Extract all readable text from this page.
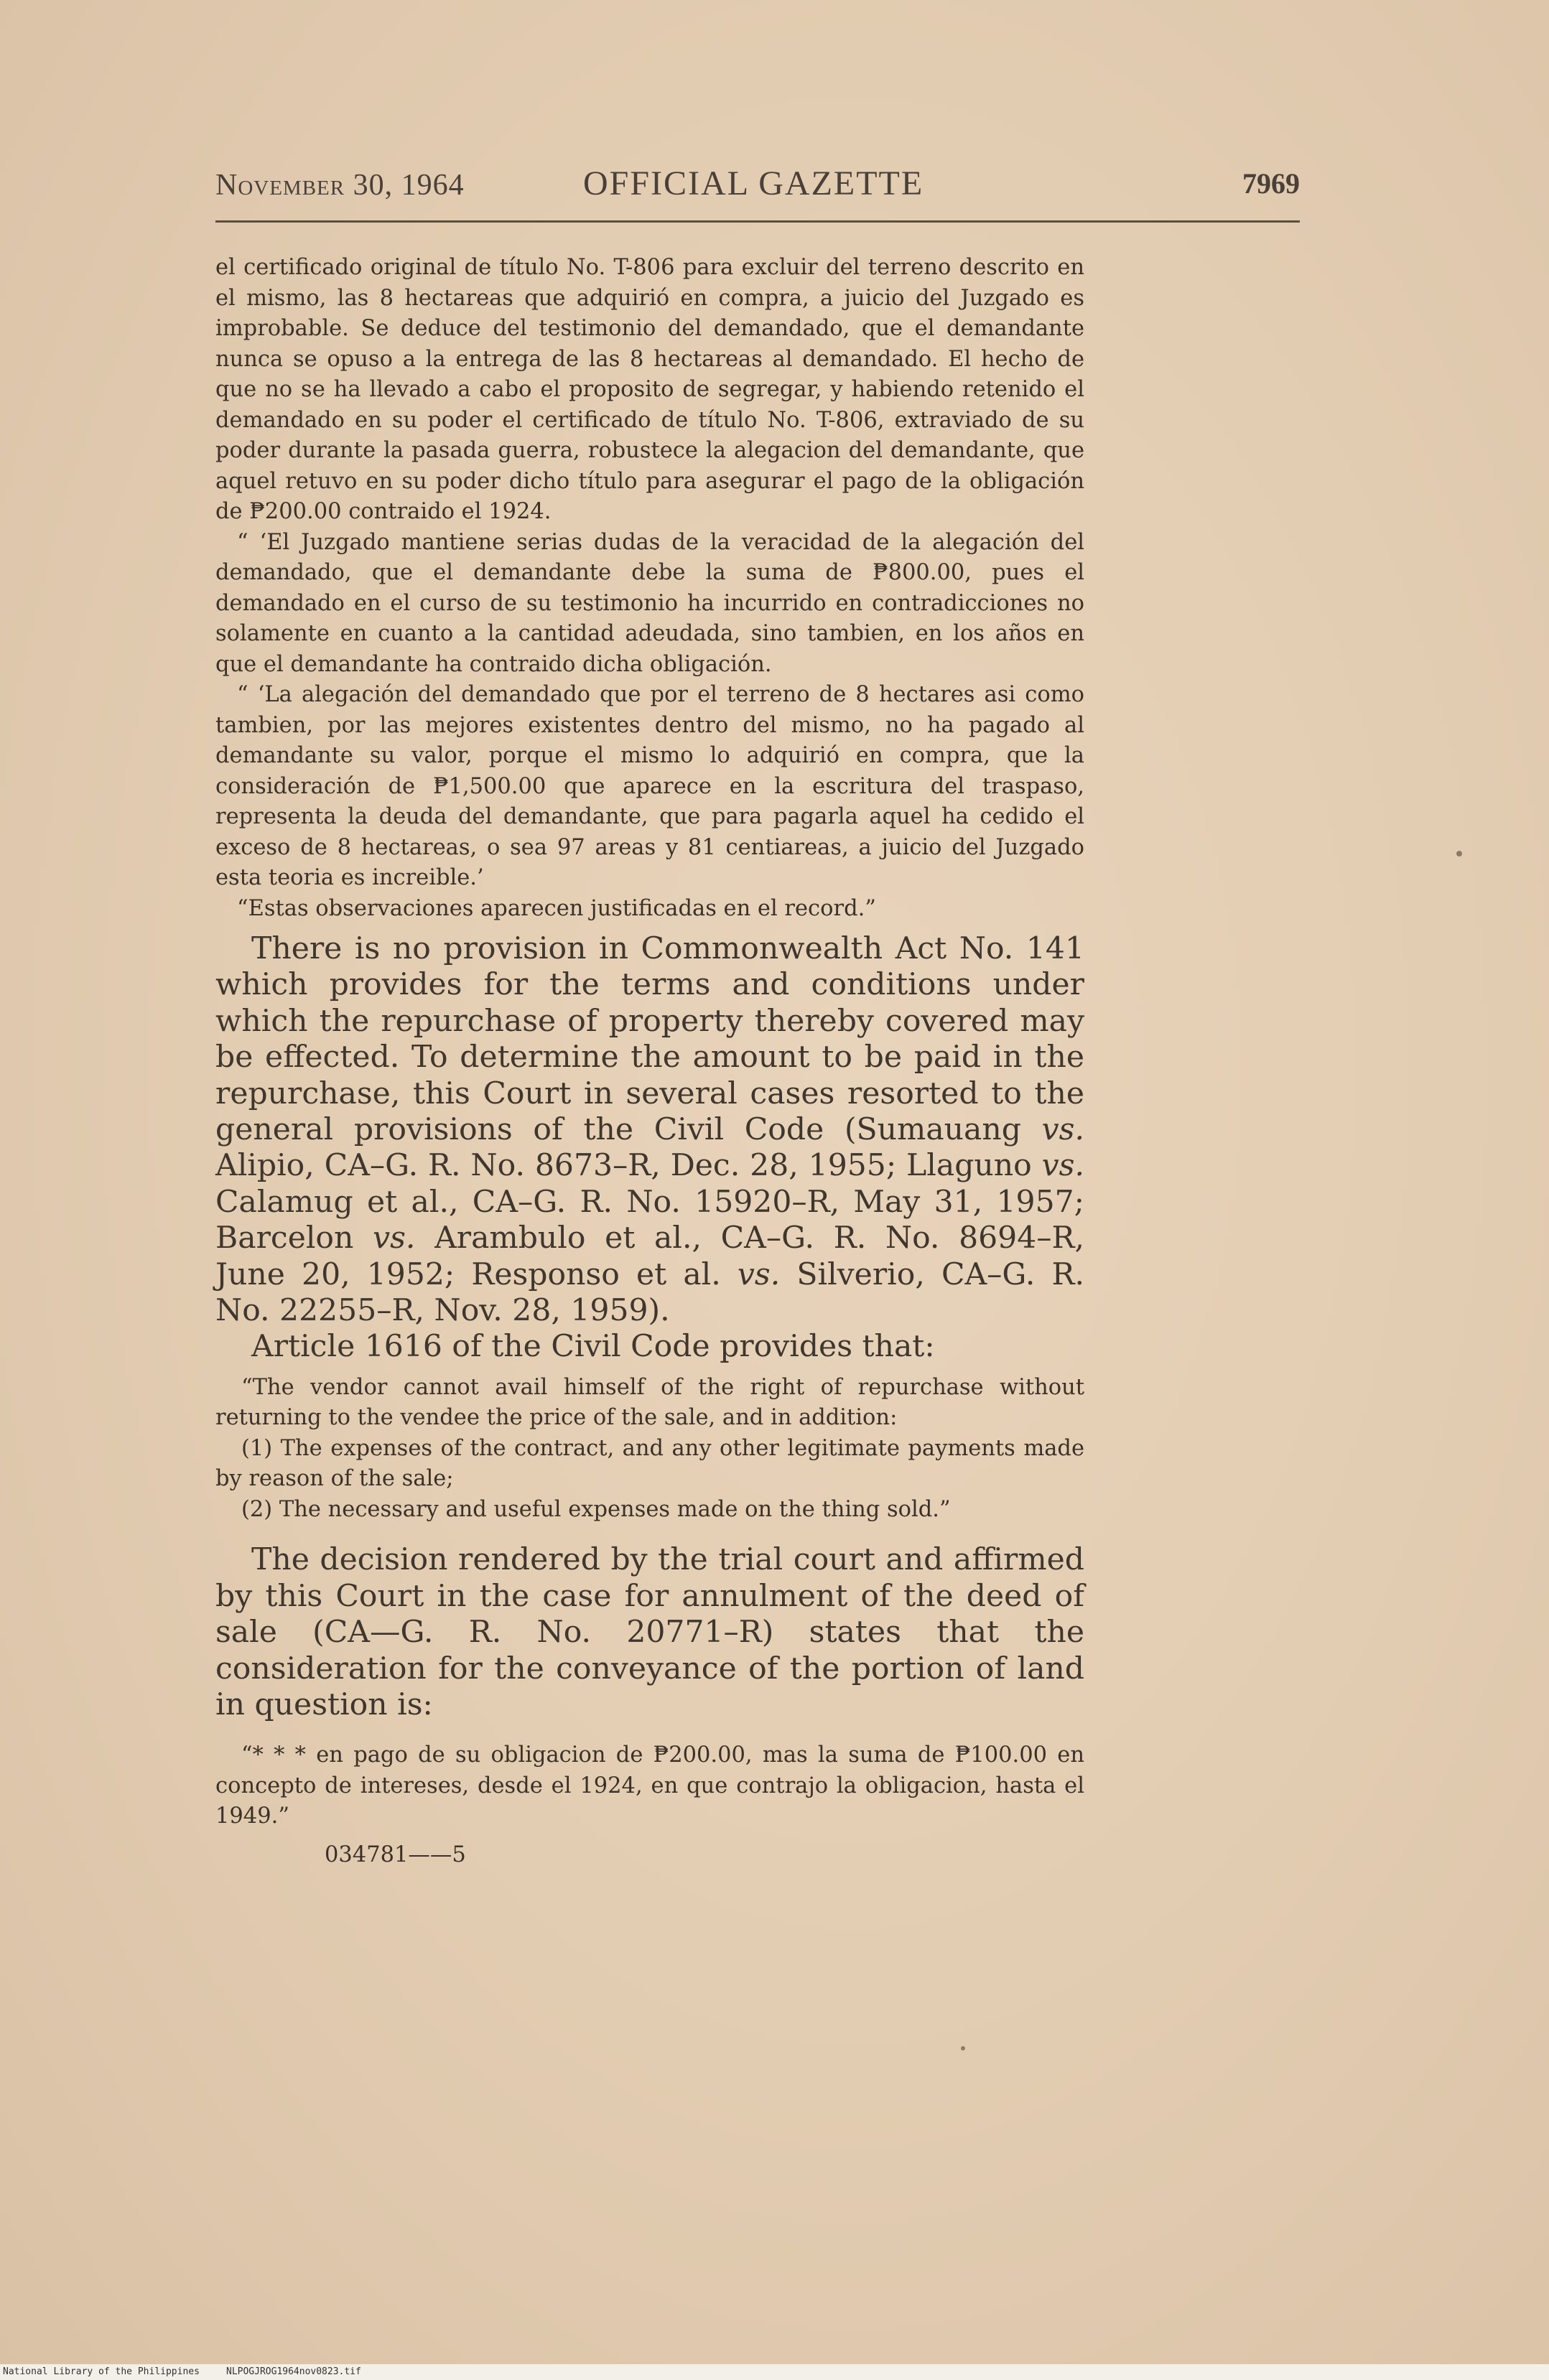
November 30, 1964	OFFICIAL GAZETTE	7969

el certificado original de título No. T-806 para excluir del terreno descrito en el mismo, las 8 hectareas que adquirió en compra, a juicio del Juzgado es improbable. Se deduce del testimonio del demandado, que el demandante nunca se opuso a la entrega de las 8 hectareas al demandado. El hecho de que no se ha llevado a cabo el proposito de segregar, y habiendo retenido el demandado en su poder el certificado de título No. T-806, extraviado de su poder durante la pasada guerra, robustece la alegacion del demandante, que aquel retuvo en su poder dicho título para asegurar el pago de la obligación de ₱200.00 contraido el 1924.

“ ‘El Juzgado mantiene serias dudas de la veracidad de la alegación del demandado, que el demandante debe la suma de ₱800.00, pues el demandado en el curso de su testimonio ha incurrido en contradicciones no solamente en cuanto a la cantidad adeudada, sino tambien, en los años en que el demandante ha contraido dicha obligación.

“ ‘La alegación del demandado que por el terreno de 8 hectares asi como tambien, por las mejores existentes dentro del mismo, no ha pagado al demandante su valor, porque el mismo lo adquirió en compra, que la consideración de ₱1,500.00 que aparece en la escritura del traspaso, representa la deuda del demandante, que para pagarla aquel ha cedido el exceso de 8 hectareas, o sea 97 areas y 81 centiareas, a juicio del Juzgado esta teoria es increible.’

“Estas observaciones aparecen justificadas en el record.”

There is no provision in Commonwealth Act No. 141 which provides for the terms and conditions under which the repurchase of property thereby covered may be effected. To determine the amount to be paid in the repurchase, this Court in several cases resorted to the general provisions of the Civil Code (Sumauang vs. Alipio, CA–G. R. No. 8673–R, Dec. 28, 1955; Llaguno vs. Calamug et al., CA–G. R. No. 15920–R, May 31, 1957; Barcelon vs. Arambulo et al., CA–G. R. No. 8694–R, June 20, 1952; Responso et al. vs. Silverio, CA–G. R. No. 22255–R, Nov. 28, 1959).

Article 1616 of the Civil Code provides that:

“The vendor cannot avail himself of the right of repurchase without returning to the vendee the price of the sale, and in addition:

(1) The expenses of the contract, and any other legitimate payments made by reason of the sale;

(2) The necessary and useful expenses made on the thing sold.”

The decision rendered by the trial court and affirmed by this Court in the case for annulment of the deed of sale (CA—G. R. No. 20771–R) states that the consideration for the conveyance of the portion of land in question is:

“* * * en pago de su obligacion de ₱200.00, mas la suma de ₱100.00 en concepto de intereses, desde el 1924, en que contrajo la obligacion, hasta el 1949.”

034781——5

National Library of the Philippines	NLPOGJROG1964nov0823.tif
